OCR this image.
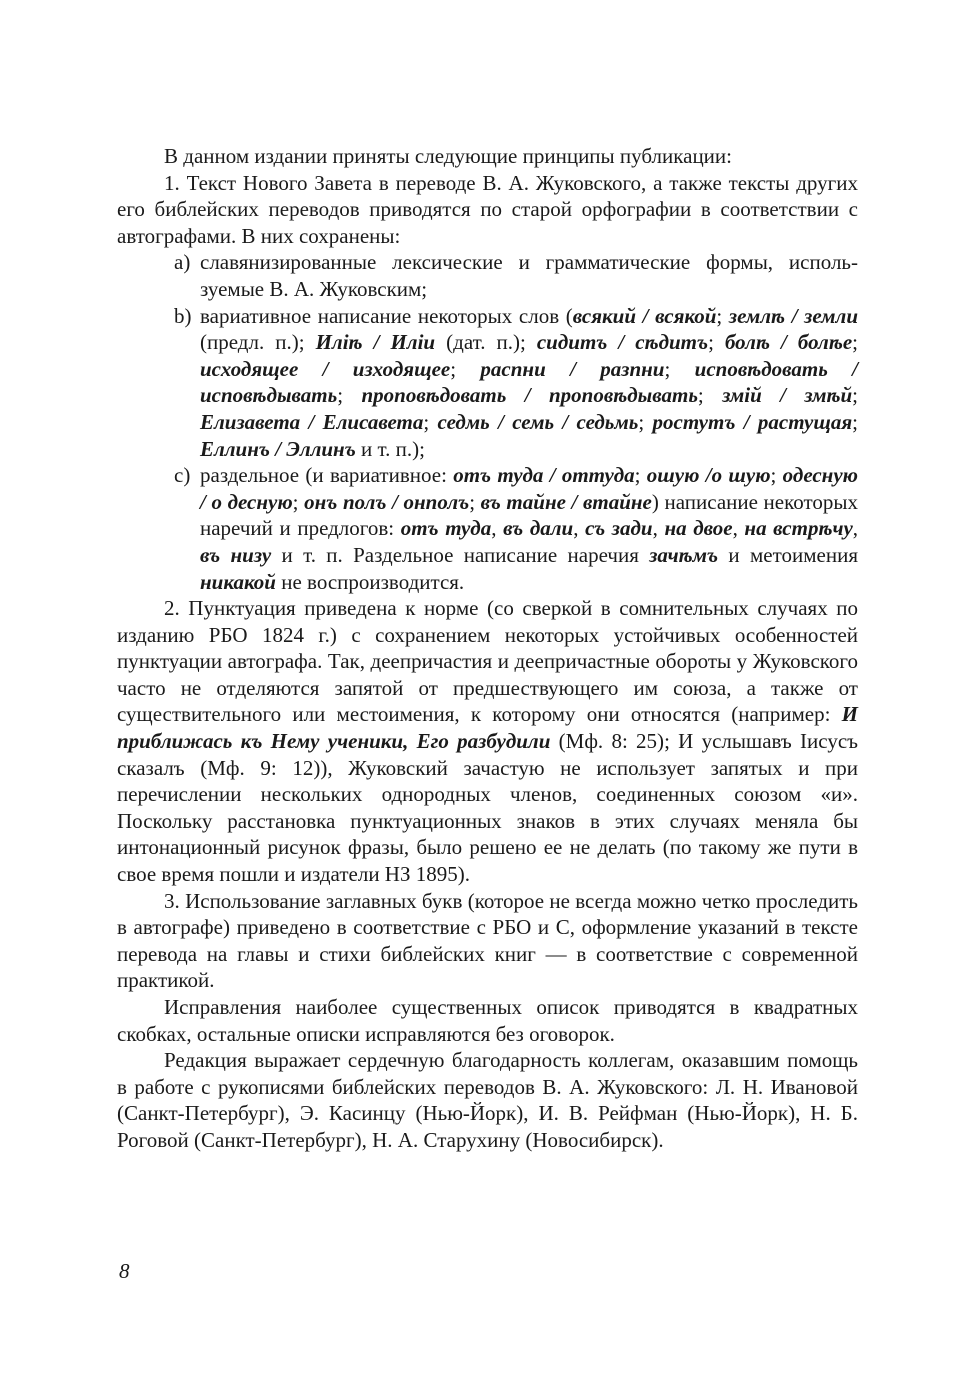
В данном издании приняты следующие принципы публикации:

1. Текст Нового Завета в переводе В. А. Жуковского, а также тексты других его библейских переводов приводятся по старой орфографии в соответствии с автографами. В них сохранены:

а) славянизированные лексические и грамматические формы, используемые В. А. Жуковским;
b) вариативное написание некоторых слов (всякий / всякой; землѣ / земли (предл. п.); Иліѣ / Иліи (дат. п.); сидитъ / сѣдитъ; болѣ / болѣе; исходящее / изходящее; распни / разпни; исповѣдовать / исповѣдывать; проповѣдовать / проповѣдывать; змій / змѣй; Елизавета / Елисавета; седмь / семь / седьмь; ростутъ / растущая; Еллинъ / Эллинъ и т. п.);
c) раздельное (и вариативное: отъ туда / оттуда; ошую /о шую; одесную / о десную; онъ полъ / онполъ; въ тайне / втайне) написание некоторых наречий и предлогов: отъ туда, въ дали, съ зади, на двое, на встрѣчу, въ низу и т. п. Раздельное написание наречия зачѣмъ и метоимения никакой не воспроизводится.

2. Пунктуация приведена к норме (со сверкой в сомнительных случаях по изданию РБО 1824 г.) с сохранением некоторых устойчивых особенностей пунктуации автографа. Так, деепричастия и деепричастные обороты у Жуковского часто не отделяются запятой от предшествующего им союза, а также от существительного или местоимения, к которому они относятся (например: И приближась къ Нему ученики, Его разбудили (Мф. 8: 25); И услышавъ Іисусъ сказалъ (Мф. 9: 12)), Жуковский зачастую не использует запятых и при перечислении нескольких однородных членов, соединенных союзом «и». Поскольку расстановка пунктуационных знаков в этих случаях меняла бы интонационный рисунок фразы, было решено ее не делать (по такому же пути в свое время пошли и издатели НЗ 1895).

3. Использование заглавных букв (которое не всегда можно четко проследить в автографе) приведено в соответствие с РБО и С, оформление указаний в тексте перевода на главы и стихи библейских книг — в соответствие с современной практикой.

Исправления наиболее существенных описок приводятся в квадратных скобках, остальные описки исправляются без оговорок.

Редакция выражает сердечную благодарность коллегам, оказавшим помощь в работе с рукописями библейских переводов В. А. Жуковского: Л. Н. Ивановой (Санкт-Петербург), Э. Касинцу (Нью-Йорк), И. В. Рейфман (Нью-Йорк), Н. Б. Роговой (Санкт-Петербург), Н. А. Старухину (Новосибирск).

8
